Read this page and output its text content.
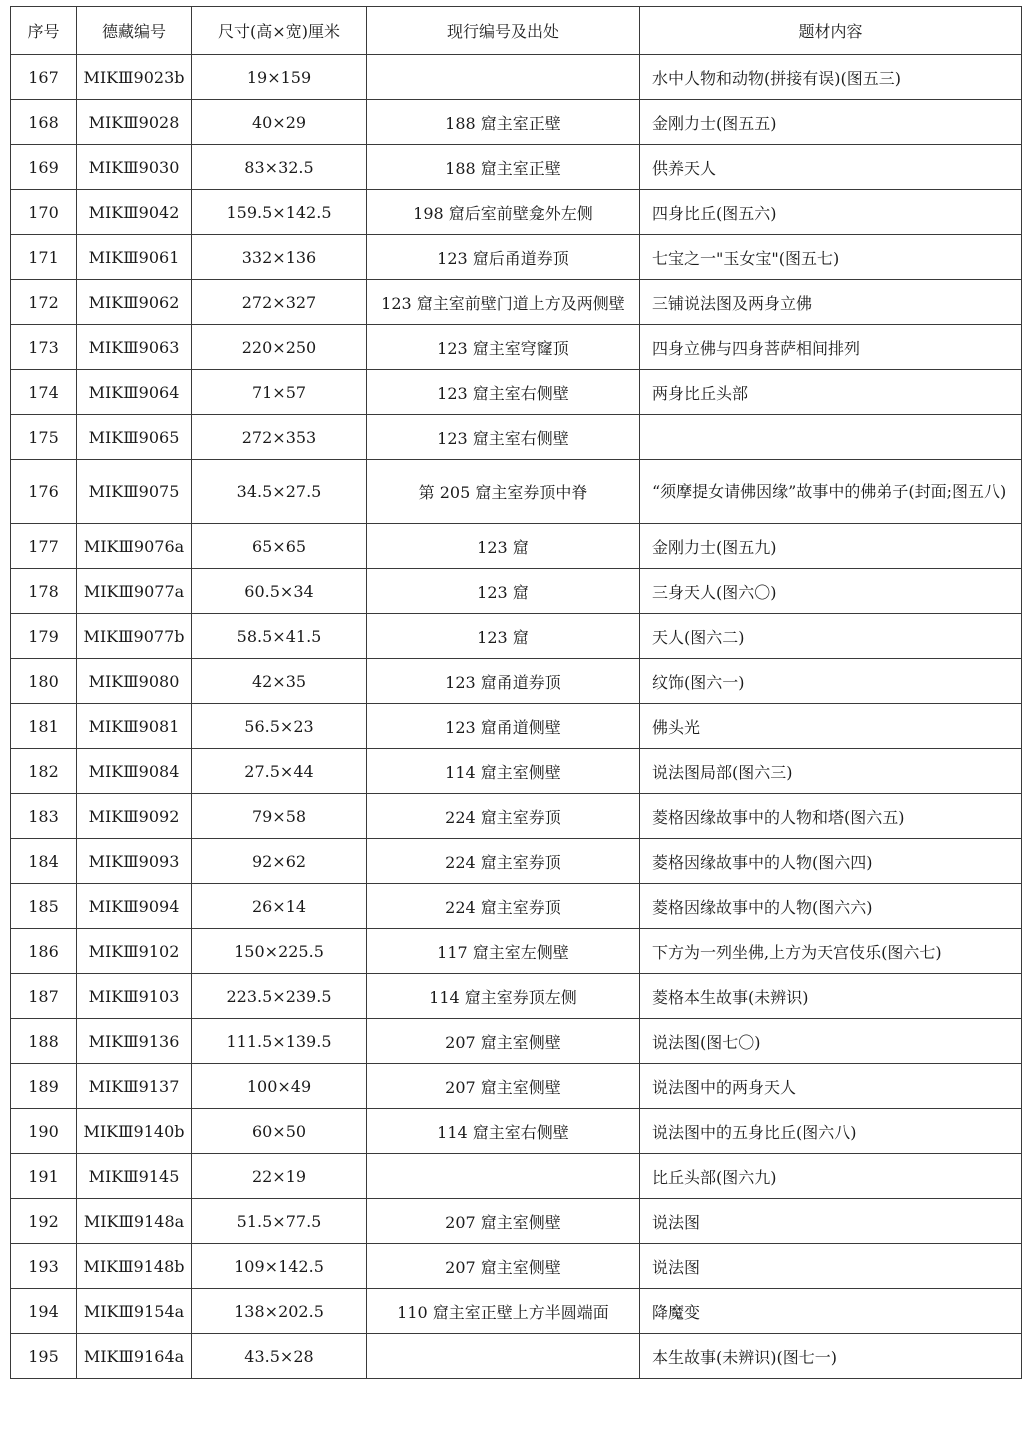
序号	德藏编号	尺寸(高×宽)厘米	现行编号及出处	题材内容
167	MIKⅢ9023b	19×159		水中人物和动物(拼接有误)(图五三)
168	MIKⅢ9028	40×29	188 窟主室正壁	金刚力士(图五五)
169	MIKⅢ9030	83×32.5	188 窟主室正壁	供养天人
170	MIKⅢ9042	159.5×142.5	198 窟后室前壁龛外左侧	四身比丘(图五六)
171	MIKⅢ9061	332×136	123 窟后甬道券顶	七宝之一"玉女宝"(图五七)
172	MIKⅢ9062	272×327	123 窟主室前壁门道上方及两侧壁	三铺说法图及两身立佛
173	MIKⅢ9063	220×250	123 窟主室穹窿顶	四身立佛与四身菩萨相间排列
174	MIKⅢ9064	71×57	123 窟主室右侧壁	两身比丘头部
175	MIKⅢ9065	272×353	123 窟主室右侧壁	
176	MIKⅢ9075	34.5×27.5	第 205 窟主室券顶中脊	“须摩提女请佛因缘”故事中的佛弟子(封面;图五八)
177	MIKⅢ9076a	65×65	123 窟	金刚力士(图五九)
178	MIKⅢ9077a	60.5×34	123 窟	三身天人(图六〇)
179	MIKⅢ9077b	58.5×41.5	123 窟	天人(图六二)
180	MIKⅢ9080	42×35	123 窟甬道券顶	纹饰(图六一)
181	MIKⅢ9081	56.5×23	123 窟甬道侧壁	佛头光
182	MIKⅢ9084	27.5×44	114 窟主室侧壁	说法图局部(图六三)
183	MIKⅢ9092	79×58	224 窟主室券顶	菱格因缘故事中的人物和塔(图六五)
184	MIKⅢ9093	92×62	224 窟主室券顶	菱格因缘故事中的人物(图六四)
185	MIKⅢ9094	26×14	224 窟主室券顶	菱格因缘故事中的人物(图六六)
186	MIKⅢ9102	150×225.5	117 窟主室左侧壁	下方为一列坐佛,上方为天宫伎乐(图六七)
187	MIKⅢ9103	223.5×239.5	114 窟主室券顶左侧	菱格本生故事(未辨识)
188	MIKⅢ9136	111.5×139.5	207 窟主室侧壁	说法图(图七〇)
189	MIKⅢ9137	100×49	207 窟主室侧壁	说法图中的两身天人
190	MIKⅢ9140b	60×50	114 窟主室右侧壁	说法图中的五身比丘(图六八)
191	MIKⅢ9145	22×19		比丘头部(图六九)
192	MIKⅢ9148a	51.5×77.5	207 窟主室侧壁	说法图
193	MIKⅢ9148b	109×142.5	207 窟主室侧壁	说法图
194	MIKⅢ9154a	138×202.5	110 窟主室正壁上方半圆端面	降魔变
195	MIKⅢ9164a	43.5×28		本生故事(未辨识)(图七一)
